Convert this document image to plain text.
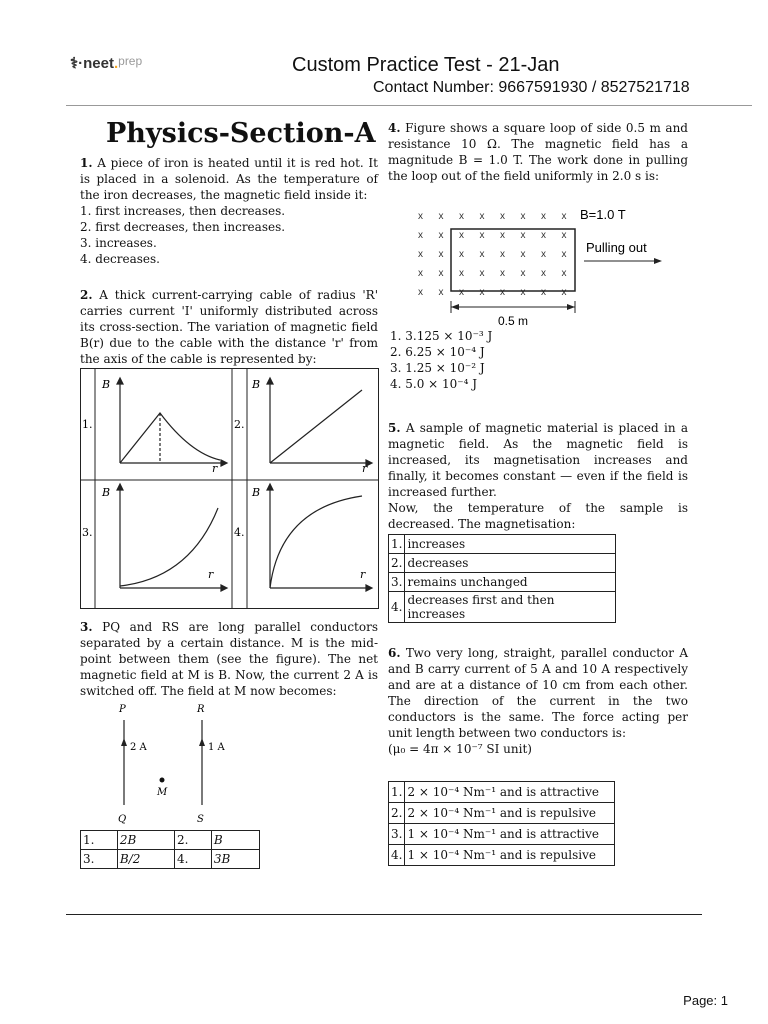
⚕·neet.$^{prep}$	Custom Practice Test - 21-Jan
Contact Number: 9667591930 / 8527521718
Physics-Section-A

1. A piece of iron is heated until it is red hot. It is placed in a solenoid. As the temperature of the iron decreases, the magnetic field inside it:

1. first increases, then decreases.

2. first decreases, then increases.

3. increases.

4. decreases.

2. A thick current-carrying cable of radius 'R' carries current 'I' uniformly distributed across its cross-section. The variation of magnetic field B(r) due to the cable with the distance 'r' from the axis of the cable is represented by:

1.	2.
3.	4.
B
r
B
r
B
r
B
r

3. PQ and RS are long parallel conductors separated by a certain distance. M is the mid-point between them (see the figure). The net magnetic field at M is B. Now, the current 2 A is switched off. The field at M now becomes:

P	R
Q	S
M
2 A	1 A
1.	2B	2.	B
3.	B/2	4.	3B

4. Figure shows a square loop of side 0.5 m and resistance 10 Ω. The magnetic field has a magnitude B = 1.0 T. The work done in pulling the loop out of the field uniformly in 2.0 s is:

x x x x x x x x
x x x x x x x x
x x x x x x x x
x x x x x x x x
x x x x x x x x
B=1.0 T
Pulling out
0.5 m

1. 3.125 × 10⁻³ J

2. 6.25 × 10⁻⁴ J

3. 1.25 × 10⁻² J

4. 5.0 × 10⁻⁴ J

5. A sample of magnetic material is placed in a magnetic field. As the magnetic field is increased, its magnetisation increases and finally, it becomes constant — even if the field is increased further.

Now, the temperature of the sample is decreased. The magnetisation:

1.	increases
2.	decreases
3.	remains unchanged
4.	decreases first and then increases

6. Two very long, straight, parallel conductor A and B carry current of 5 A and 10 A respectively and are at a distance of 10 cm from each other. The direction of the current in the two conductors is the same. The force acting per unit length between two conductors is:

(μ₀ = 4π × 10⁻⁷ SI unit)

1.	2 × 10⁻⁴ Nm⁻¹ and is attractive
2.	2 × 10⁻⁴ Nm⁻¹ and is repulsive
3.	1 × 10⁻⁴ Nm⁻¹ and is attractive
4.	1 × 10⁻⁴ Nm⁻¹ and is repulsive
Page: 1
